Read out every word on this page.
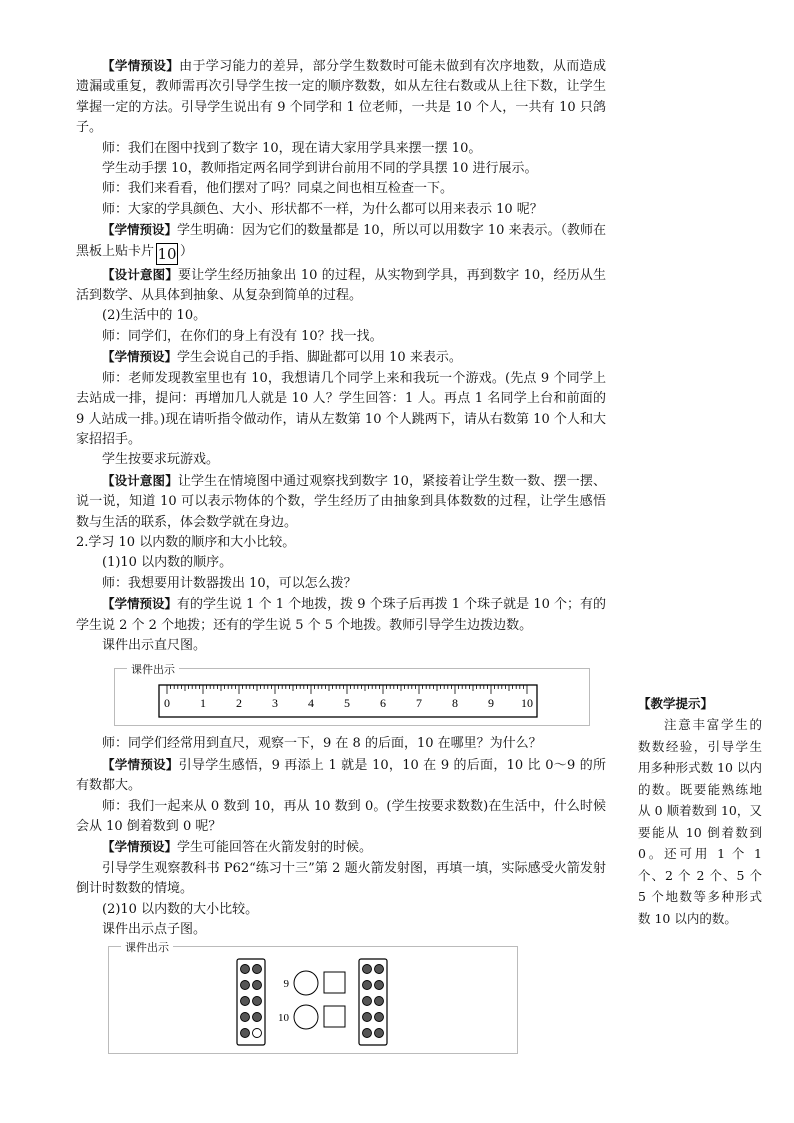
【学情预设】由于学习能力的差异，部分学生数数时可能未做到有次序地数，从而造成遗漏或重复，教师需再次引导学生按一定的顺序数数，如从左往右数或从上往下数，让学生掌握一定的方法。引导学生说出有 9 个同学和 1 位老师，一共是 10 个人，一共有 10 只鸽子。

师：我们在图中找到了数字 10，现在请大家用学具来摆一摆 10。

学生动手摆 10，教师指定两名同学到讲台前用不同的学具摆 10 进行展示。

师：我们来看看，他们摆对了吗？同桌之间也相互检查一下。

师：大家的学具颜色、大小、形状都不一样，为什么都可以用来表示 10 呢？

【学情预设】学生明确：因为它们的数量都是 10，所以可以用数字 10 来表示。（教师在黑板上贴卡片 10 ）

【设计意图】要让学生经历抽象出 10 的过程，从实物到学具，再到数字 10，经历从生活到数学、从具体到抽象、从复杂到简单的过程。

(2)生活中的 10。

师：同学们，在你们的身上有没有 10？找一找。

【学情预设】学生会说自己的手指、脚趾都可以用 10 来表示。

师：老师发现教室里也有 10，我想请几个同学上来和我玩一个游戏。(先点 9 个同学上去站成一排，提问：再增加几人就是 10 人？学生回答：1 人。再点 1 名同学上台和前面的 9 人站成一排。)现在请听指令做动作，请从左数第 10 个人跳两下，请从右数第 10 个人和大家招招手。

学生按要求玩游戏。

【设计意图】让学生在情境图中通过观察找到数字 10，紧接着让学生数一数、摆一摆、说一说，知道 10 可以表示物体的个数，学生经历了由抽象到具体数数的过程，让学生感悟数与生活的联系，体会数学就在身边。

2.学习 10 以内数的顺序和大小比较。

(1)10 以内数的顺序。

师：我想要用计数器拨出 10，可以怎么拨？

【学情预设】有的学生说 1 个 1 个地拨，拨 9 个珠子后再拨 1 个珠子就是 10 个；有的学生说 2 个 2 个地拨；还有的学生说 5 个 5 个地拨。教师引导学生边拨边数。

课件出示直尺图。

课件出示
0	1	2	3	4	5	6	7	8	9 10

师：同学们经常用到直尺，观察一下，9 在 8 的后面，10 在哪里？为什么？

【学情预设】引导学生感悟，9 再添上 1 就是 10，10 在 9 的后面，10 比 0～9 的所有数都大。

师：我们一起来从 0 数到 10，再从 10 数到 0。(学生按要求数数)在生活中，什么时候会从 10 倒着数到 0 呢？

【学情预设】学生可能回答在火箭发射的时候。

引导学生观察教科书 P62“练习十三”第 2 题火箭发射图，再填一填，实际感受火箭发射倒计时数数的情境。

(2)10 以内数的大小比较。

课件出示点子图。

课件出示
9
10
【教学提示】
注意丰富学生的数数经验，引导学生用多种形式数 10 以内的数。既要能熟练地从 0 顺着数到 10，又要能从 10 倒着数到 0。还可用 1 个 1 个、2 个 2 个、5 个 5 个地数等多种形式数 10 以内的数。
